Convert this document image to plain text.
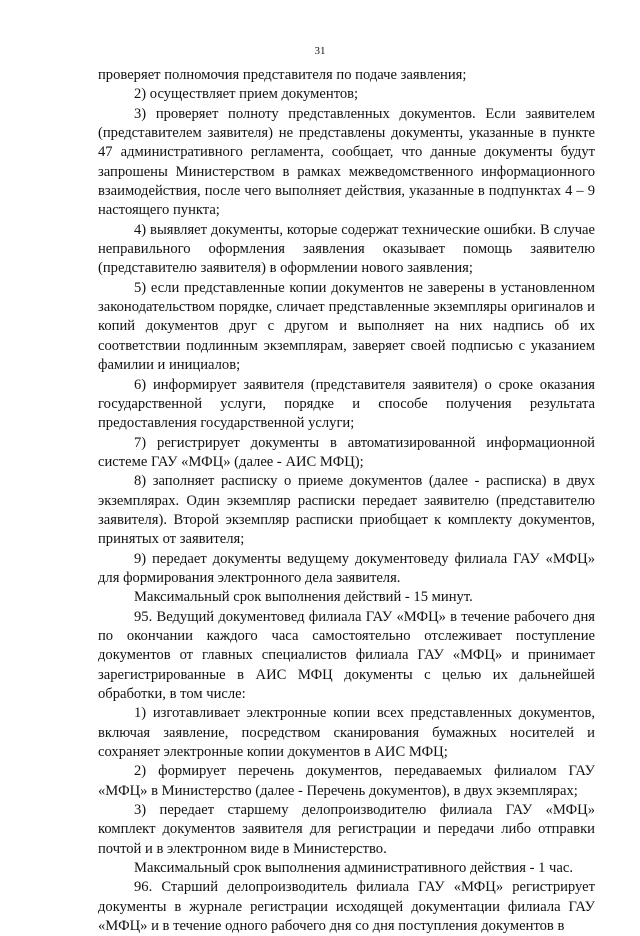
31

проверяет полномочия представителя по подаче заявления;

2) осуществляет прием документов;

3) проверяет полноту представленных документов. Если заявителем (представителем заявителя) не представлены документы, указанные в пункте 47 административного регламента, сообщает, что данные документы будут запрошены Министерством в рамках межведомственного информационного взаимодействия, после чего выполняет действия, указанные в подпунктах 4 – 9 настоящего пункта;

4) выявляет документы, которые содержат технические ошибки. В случае неправильного оформления заявления оказывает помощь заявителю (представителю заявителя) в оформлении нового заявления;

5) если представленные копии документов не заверены в установленном законодательством порядке, сличает представленные экземпляры оригиналов и копий документов друг с другом и выполняет на них надпись об их соответствии подлинным экземплярам, заверяет своей подписью с указанием фамилии и инициалов;

6) информирует заявителя (представителя заявителя) о сроке оказания государственной услуги, порядке и способе получения результата предоставления государственной услуги;

7) регистрирует документы в автоматизированной информационной системе ГАУ «МФЦ» (далее - АИС МФЦ);

8) заполняет расписку о приеме документов (далее - расписка) в двух экземплярах. Один экземпляр расписки передает заявителю (представителю заявителя). Второй экземпляр расписки приобщает к комплекту документов, принятых от заявителя;

9) передает документы ведущему документоведу филиала ГАУ «МФЦ» для формирования электронного дела заявителя.

Максимальный срок выполнения действий - 15 минут.

95. Ведущий документовед филиала ГАУ «МФЦ» в течение рабочего дня по окончании каждого часа самостоятельно отслеживает поступление документов от главных специалистов филиала ГАУ «МФЦ» и принимает зарегистрированные в АИС МФЦ документы с целью их дальнейшей обработки, в том числе:

1) изготавливает электронные копии всех представленных документов, включая заявление, посредством сканирования бумажных носителей и сохраняет электронные копии документов в АИС МФЦ;

2) формирует перечень документов, передаваемых филиалом ГАУ «МФЦ» в Министерство (далее - Перечень документов), в двух экземплярах;

3) передает старшему делопроизводителю филиала ГАУ «МФЦ» комплект документов заявителя для регистрации и передачи либо отправки почтой и в электронном виде в Министерство.

Максимальный срок выполнения административного действия - 1 час.

96. Старший делопроизводитель филиала ГАУ «МФЦ» регистрирует документы в журнале регистрации исходящей документации филиала ГАУ «МФЦ» и в течение одного рабочего дня со дня поступления документов в
